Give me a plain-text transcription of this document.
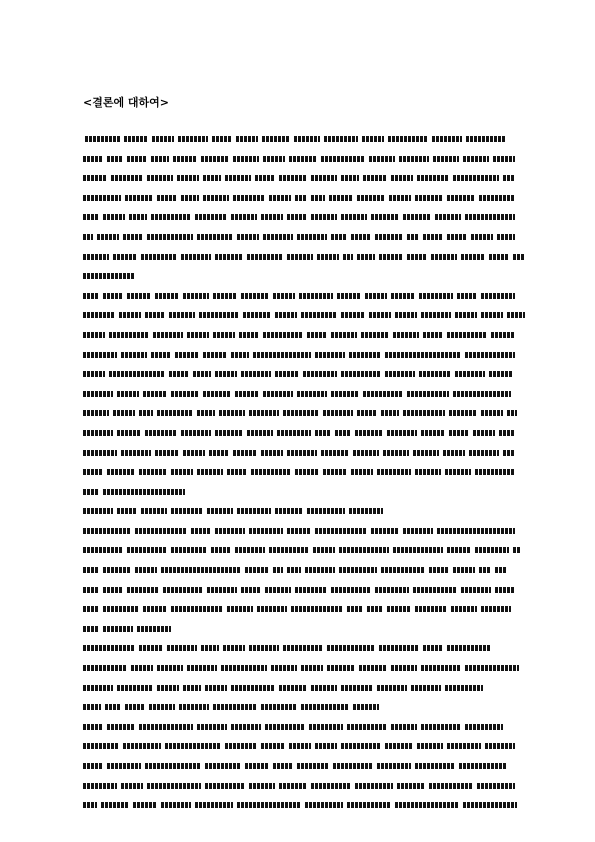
<결론에 대하여>
